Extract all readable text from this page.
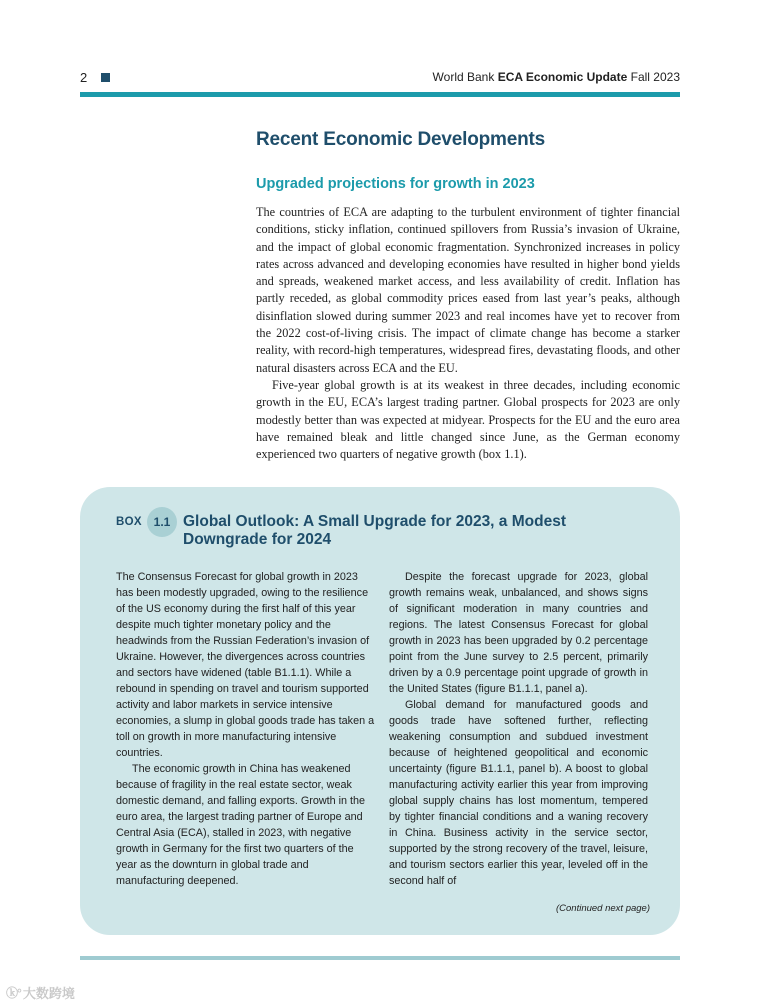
2	World Bank ECA Economic Update Fall 2023
Recent Economic Developments
Upgraded projections for growth in 2023

The countries of ECA are adapting to the turbulent environment of tighter financial conditions, sticky inflation, continued spillovers from Russia’s invasion of Ukraine, and the impact of global economic fragmentation. Synchronized increases in policy rates across advanced and developing economies have resulted in higher bond yields and spreads, weakened market access, and less availability of credit. Inflation has partly receded, as global commodity prices eased from last year’s peaks, although disinflation slowed during summer 2023 and real incomes have yet to recover from the 2022 cost-of-living crisis. The impact of climate change has become a starker reality, with record-high temperatures, widespread fires, devastating floods, and other natural disasters across ECA and the EU.

Five-year global growth is at its weakest in three decades, including economic growth in the EU, ECA’s largest trading partner. Global prospects for 2023 are only modestly better than was expected at midyear. Prospects for the EU and the euro area have remained bleak and little changed since June, as the German economy experienced two quarters of negative growth (box 1.1).

BOX 1.1 Global Outlook: A Small Upgrade for 2023, a Modest Downgrade for 2024

The Consensus Forecast for global growth in 2023 has been modestly upgraded, owing to the resilience of the US economy during the first half of this year despite much tighter monetary policy and the headwinds from the Russian Federation’s invasion of Ukraine. However, the divergences across countries and sectors have widened (table B1.1.1). While a rebound in spending on travel and tourism supported activity and labor markets in service intensive economies, a slump in global goods trade has taken a toll on growth in more manufacturing intensive countries.

The economic growth in China has weakened because of fragility in the real estate sector, weak domestic demand, and falling exports. Growth in the euro area, the largest trading partner of Europe and Central Asia (ECA), stalled in 2023, with negative growth in Germany for the first two quarters of the year as the downturn in global trade and manufacturing deepened.

Despite the forecast upgrade for 2023, global growth remains weak, unbalanced, and shows signs of significant moderation in many countries and regions. The latest Consensus Forecast for global growth in 2023 has been upgraded by 0.2 percentage point from the June survey to 2.5 percent, primarily driven by a 0.9 percentage point upgrade of growth in the United States (figure B1.1.1, panel a).

Global demand for manufactured goods and goods trade have softened further, reflecting weakening consumption and subdued investment because of heightened geopolitical and economic uncertainty (figure B1.1.1, panel b). A boost to global manufacturing activity earlier this year from improving global supply chains has lost momentum, tempered by tighter financial conditions and a waning recovery in China. Business activity in the service sector, supported by the strong recovery of the travel, leisure, and tourism sectors earlier this year, leveled off in the second half of

(Continued next page)
ⓚ° 大数跨境
